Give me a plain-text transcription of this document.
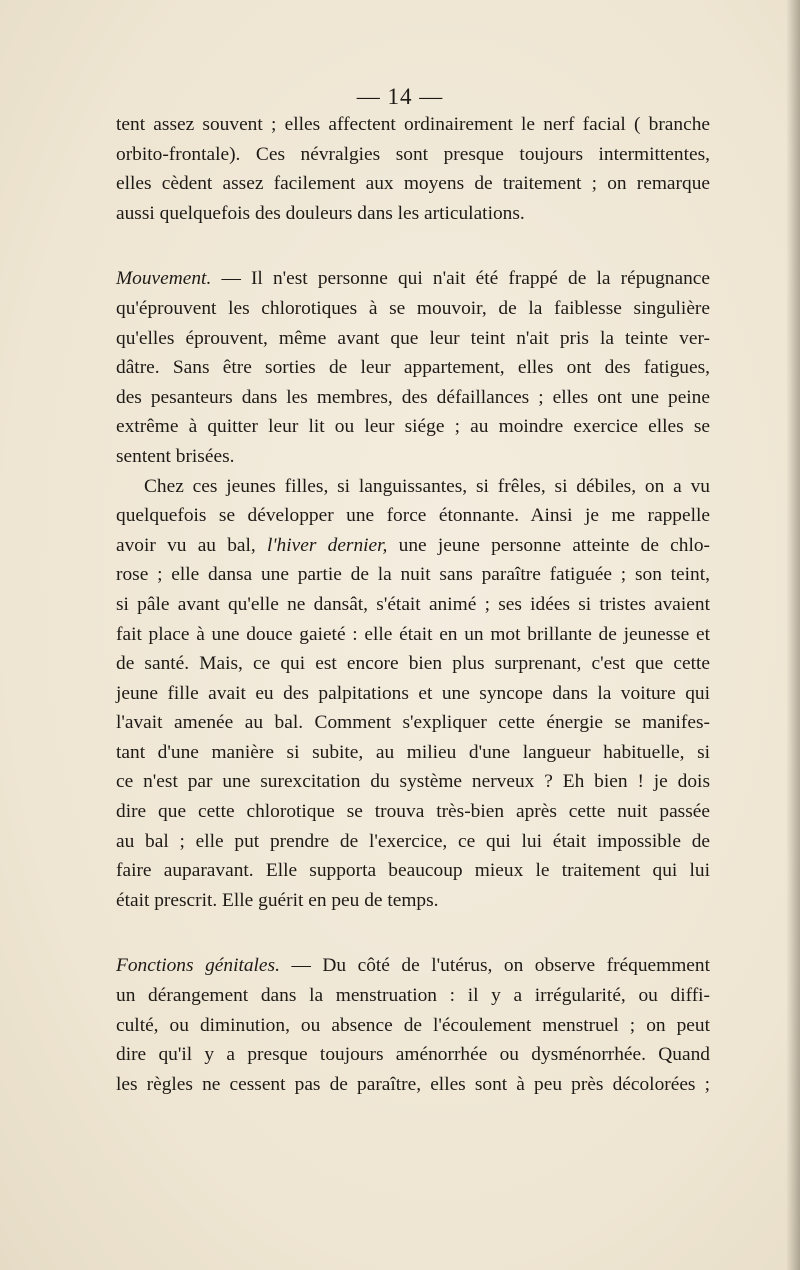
— 14 —
tent assez souvent ; elles affectent ordinairement le nerf facial ( branche
orbito-frontale). Ces névralgies sont presque toujours intermittentes,
elles cèdent assez facilement aux moyens de traitement ; on remarque
aussi quelquefois des douleurs dans les articulations.
Mouvement. — Il n'est personne qui n'ait été frappé de la répugnance
qu'éprouvent les chlorotiques à se mouvoir, de la faiblesse singulière
qu'elles éprouvent, même avant que leur teint n'ait pris la teinte ver-
dâtre. Sans être sorties de leur appartement, elles ont des fatigues,
des pesanteurs dans les membres, des défaillances ; elles ont une peine
extrême à quitter leur lit ou leur siége ; au moindre exercice elles se
sentent brisées.
Chez ces jeunes filles, si languissantes, si frêles, si débiles, on a vu
quelquefois se développer une force étonnante. Ainsi je me rappelle
avoir vu au bal, l'hiver dernier, une jeune personne atteinte de chlo-
rose ; elle dansa une partie de la nuit sans paraître fatiguée ; son teint,
si pâle avant qu'elle ne dansât, s'était animé ; ses idées si tristes avaient
fait place à une douce gaieté : elle était en un mot brillante de jeunesse et
de santé. Mais, ce qui est encore bien plus surprenant, c'est que cette
jeune fille avait eu des palpitations et une syncope dans la voiture qui
l'avait amenée au bal. Comment s'expliquer cette énergie se manifes-
tant d'une manière si subite, au milieu d'une langueur habituelle, si
ce n'est par une surexcitation du système nerveux ? Eh bien ! je dois
dire que cette chlorotique se trouva très-bien après cette nuit passée
au bal ; elle put prendre de l'exercice, ce qui lui était impossible de
faire auparavant. Elle supporta beaucoup mieux le traitement qui lui
était prescrit. Elle guérit en peu de temps.
Fonctions génitales. — Du côté de l'utérus, on observe fréquemment
un dérangement dans la menstruation : il y a irrégularité, ou diffi-
culté, ou diminution, ou absence de l'écoulement menstruel ; on peut
dire qu'il y a presque toujours aménorrhée ou dysménorrhée. Quand
les règles ne cessent pas de paraître, elles sont à peu près décolorées ;
